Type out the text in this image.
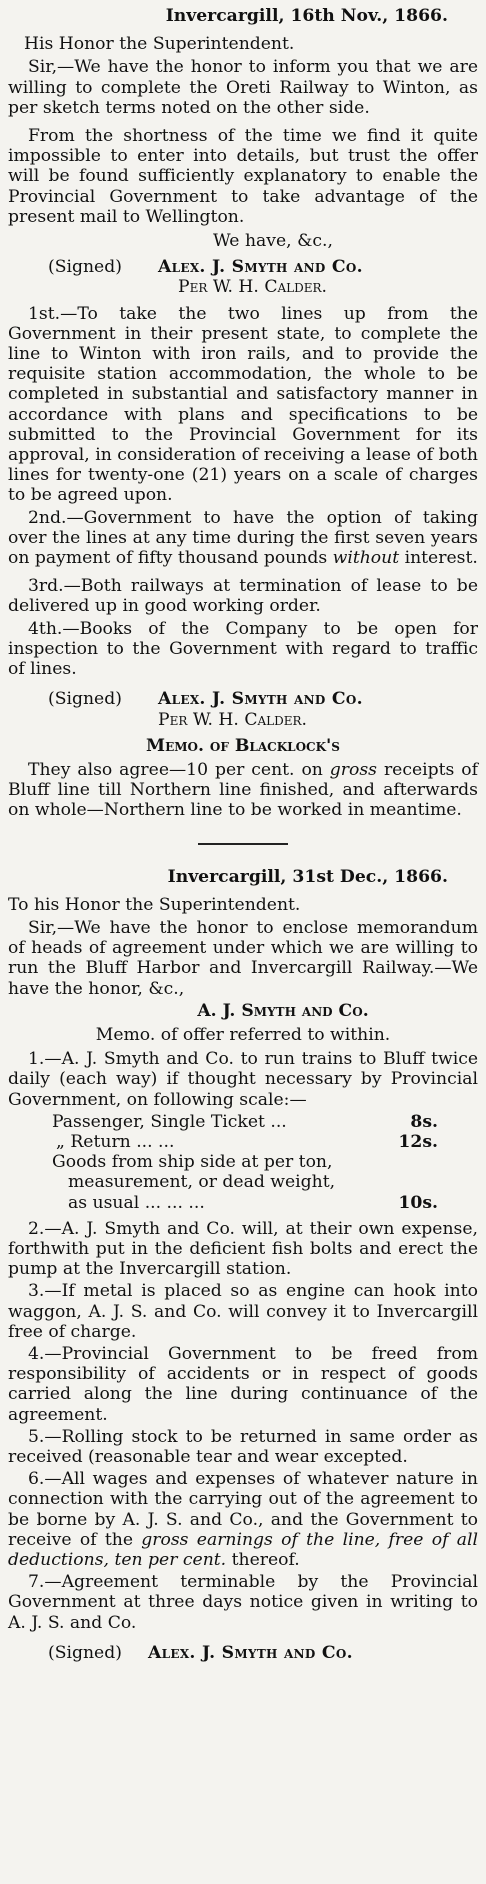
Invercargill, 16th Nov., 1866.

His Honor the Superintendent.

Sir,—We have the honor to inform you that we are willing to complete the Oreti Railway to Winton, as per sketch terms noted on the other side.

From the shortness of the time we find it quite impossible to enter into details, but trust the offer will be found sufficiently explanatory to enable the Provincial Government to take advantage of the present mail to Wellington.

We have, &c.,

(Signed)	Alex. J. Smyth and Co.

Per W. H. Calder.

1st.—To take the two lines up from the Government in their present state, to complete the line to Winton with iron rails, and to provide the requisite station accommodation, the whole to be completed in substantial and satisfactory manner in accordance with plans and specifications to be submitted to the Provincial Government for its approval, in consideration of receiving a lease of both lines for twenty-one (21) years on a scale of charges to be agreed upon.

2nd.—Government to have the option of taking over the lines at any time during the first seven years on payment of fifty thousand pounds without interest.

3rd.—Both railways at termination of lease to be delivered up in good working order.

4th.—Books of the Company to be open for inspection to the Government with regard to traffic of lines.

(Signed)	Alex. J. Smyth and Co.

Per W. H. Calder.

Memo. of Blacklock's

They also agree—10 per cent. on gross receipts of Bluff line till Northern line finished, and afterwards on whole—Northern line to be worked in meantime.

Invercargill, 31st Dec., 1866.

To his Honor the Superintendent.

Sir,—We have the honor to enclose memorandum of heads of agreement under which we are willing to run the Bluff Harbor and Invercargill Railway.—We have the honor, &c.,

A. J. Smyth and Co.

Memo. of offer referred to within.

1.—A. J. Smyth and Co. to run trains to Bluff twice daily (each way) if thought necessary by Provincial Government, on following scale:—

Passenger, Single Ticket ...	8s.
„ Return ... ...	12s.

Goods from ship side at per ton,

measurement, or dead weight,

as usual ... ... ...	10s.

2.—A. J. Smyth and Co. will, at their own expense, forthwith put in the deficient fish bolts and erect the pump at the Invercargill station.

3.—If metal is placed so as engine can hook into waggon, A. J. S. and Co. will convey it to Invercargill free of charge.

4.—Provincial Government to be freed from responsibility of accidents or in respect of goods carried along the line during continuance of the agreement.

5.—Rolling stock to be returned in same order as received (reasonable tear and wear excepted.

6.—All wages and expenses of whatever nature in connection with the carrying out of the agreement to be borne by A. J. S. and Co., and the Government to receive of the gross earnings of the line, free of all deductions, ten per cent. thereof.

7.—Agreement terminable by the Provincial Government at three days notice given in writing to A. J. S. and Co.

(Signed)	Alex. J. Smyth and Co.
